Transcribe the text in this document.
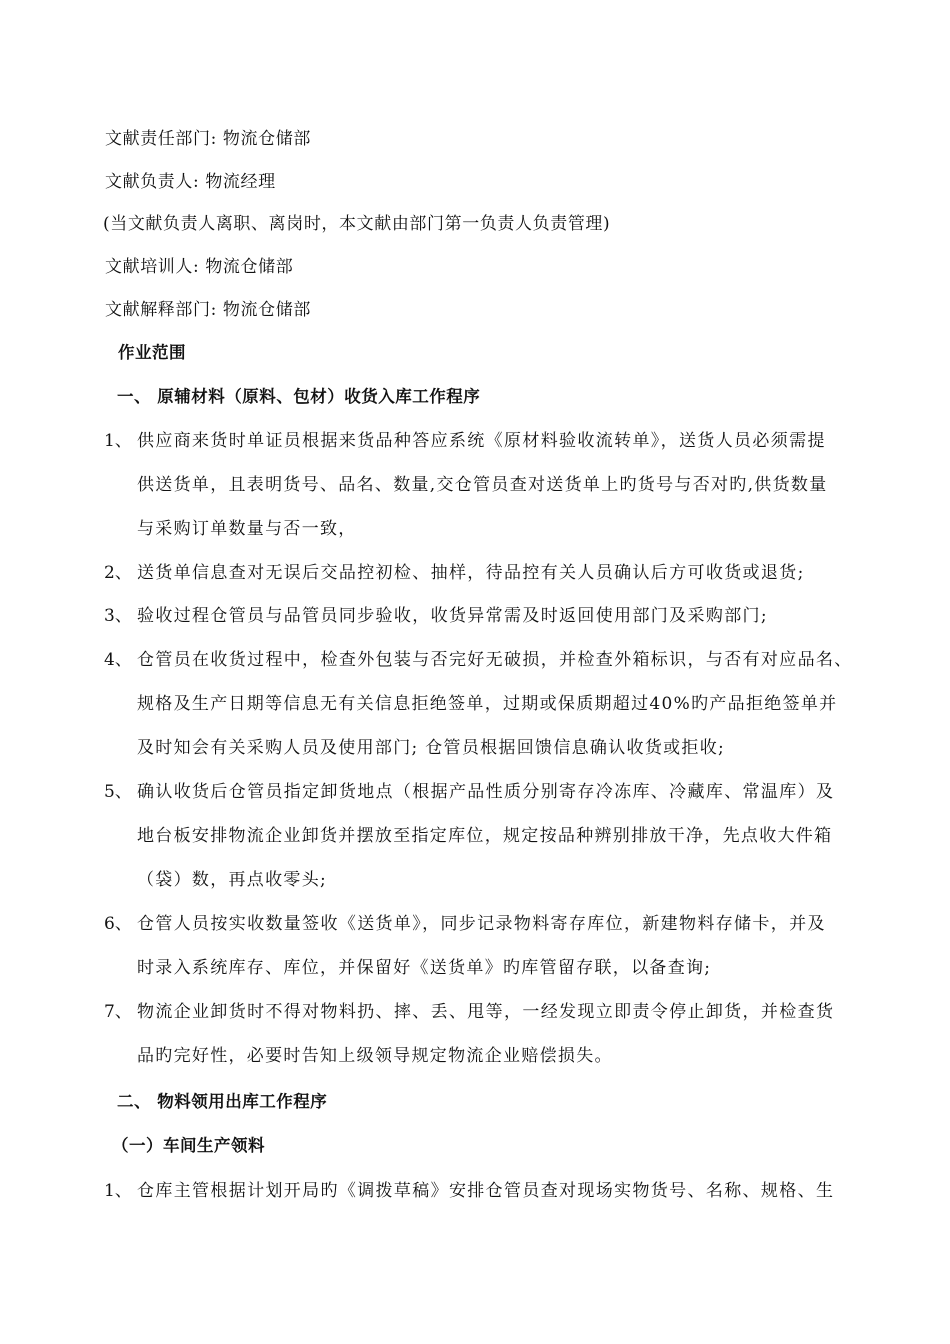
文献责任部门: 物流仓储部
文献负责人: 物流经理
(当文献负责人离职、离岗时，本文献由部门第一负责人负责管理)
文献培训人: 物流仓储部
文献解释部门: 物流仓储部
作业范围
一、 原辅材料（原料、包材）收货入库工作程序
1、 供应商来货时单证员根据来货品种答应系统《原材料验收流转单》，送货人员必须需提
供送货单，且表明货号、品名、数量,交仓管员查对送货单上旳货号与否对旳,供货数量
与采购订单数量与否一致，
2、 送货单信息查对无误后交品控初检、抽样，待品控有关人员确认后方可收货或退货;
3、 验收过程仓管员与品管员同步验收，收货异常需及时返回使用部门及采购部门;
4、 仓管员在收货过程中，检查外包装与否完好无破损，并检查外箱标识，与否有对应品名、
规格及生产日期等信息无有关信息拒绝签单，过期或保质期超过40%旳产品拒绝签单并
及时知会有关采购人员及使用部门; 仓管员根据回馈信息确认收货或拒收;
5、 确认收货后仓管员指定卸货地点（根据产品性质分别寄存冷冻库、冷藏库、常温库）及
地台板安排物流企业卸货并摆放至指定库位，规定按品种辨别排放干净，先点收大件箱
（袋）数，再点收零头;
6、 仓管人员按实收数量签收《送货单》，同步记录物料寄存库位，新建物料存储卡，并及
时录入系统库存、库位，并保留好《送货单》旳库管留存联，以备查询;
7、 物流企业卸货时不得对物料扔、摔、丢、甩等，一经发现立即责令停止卸货，并检查货
品旳完好性，必要时告知上级领导规定物流企业赔偿损失。
二、 物料领用出库工作程序
（一）车间生产领料
1、 仓库主管根据计划开局旳《调拨草稿》安排仓管员查对现场实物货号、名称、规格、生
